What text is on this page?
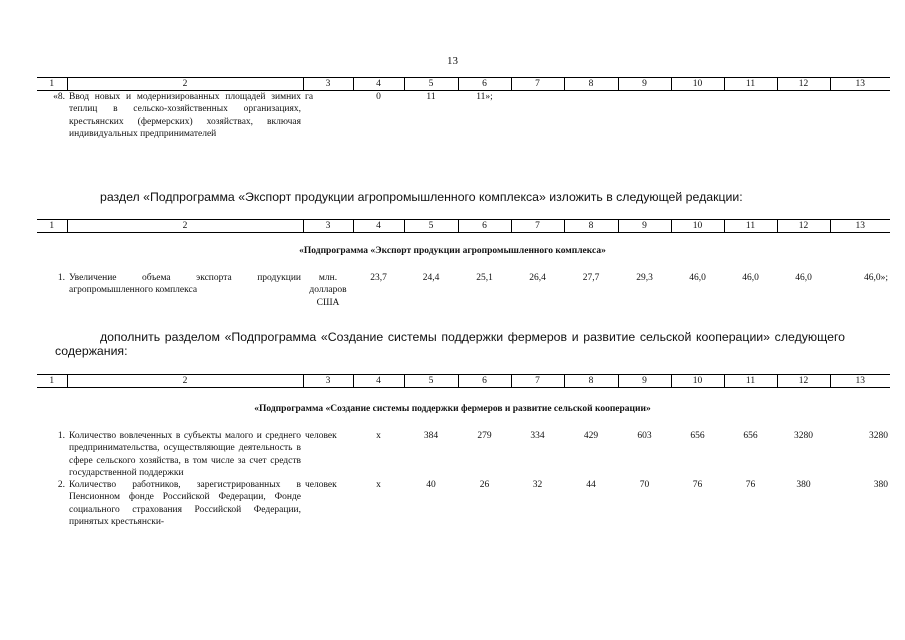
13
1	2	3	4	5	6	7	8	9	10	11	12	13
«8.	Ввод новых и модернизированных площадей зимних теплиц в сельско-хозяйственных организациях, крестьянских (фермерских) хозяйствах, включая индивидуальных предпринимателей	га	0	11	11»;							
раздел «Подпрограмма «Экспорт продукции агропромышленного комплекса» изложить в следующей редакции:
1	2	3	4	5	6	7	8	9	10	11	12	13
«Подпрограмма «Экспорт продукции агропромышленного комплекса»
1.	Увеличение объема экспорта продукции агропромышленного комплекса	млн. долларов США	23,7	24,4	25,1	26,4	27,7	29,3	46,0	46,0	46,0	46,0»;
дополнить разделом «Подпрограмма «Создание системы поддержки фермеров и развитие сельской кооперации» следующего содержания:
1	2	3	4	5	6	7	8	9	10	11	12	13
«Подпрограмма «Создание системы поддержки фермеров и развитие сельской кооперации»
1.	Количество вовлеченных в субъекты малого и среднего предпринимательства, осуществляющие деятельность в сфере сельского хозяйства, в том числе за счет средств государственной поддержки	человек	х	384	279	334	429	603	656	656	3280	3280
2.	Количество работников, зарегистрированных в Пенсионном фонде Российской Федерации, Фонде социального страхования Российской Федерации, принятых крестьянски-	человек	х	40	26	32	44	70	76	76	380	380
